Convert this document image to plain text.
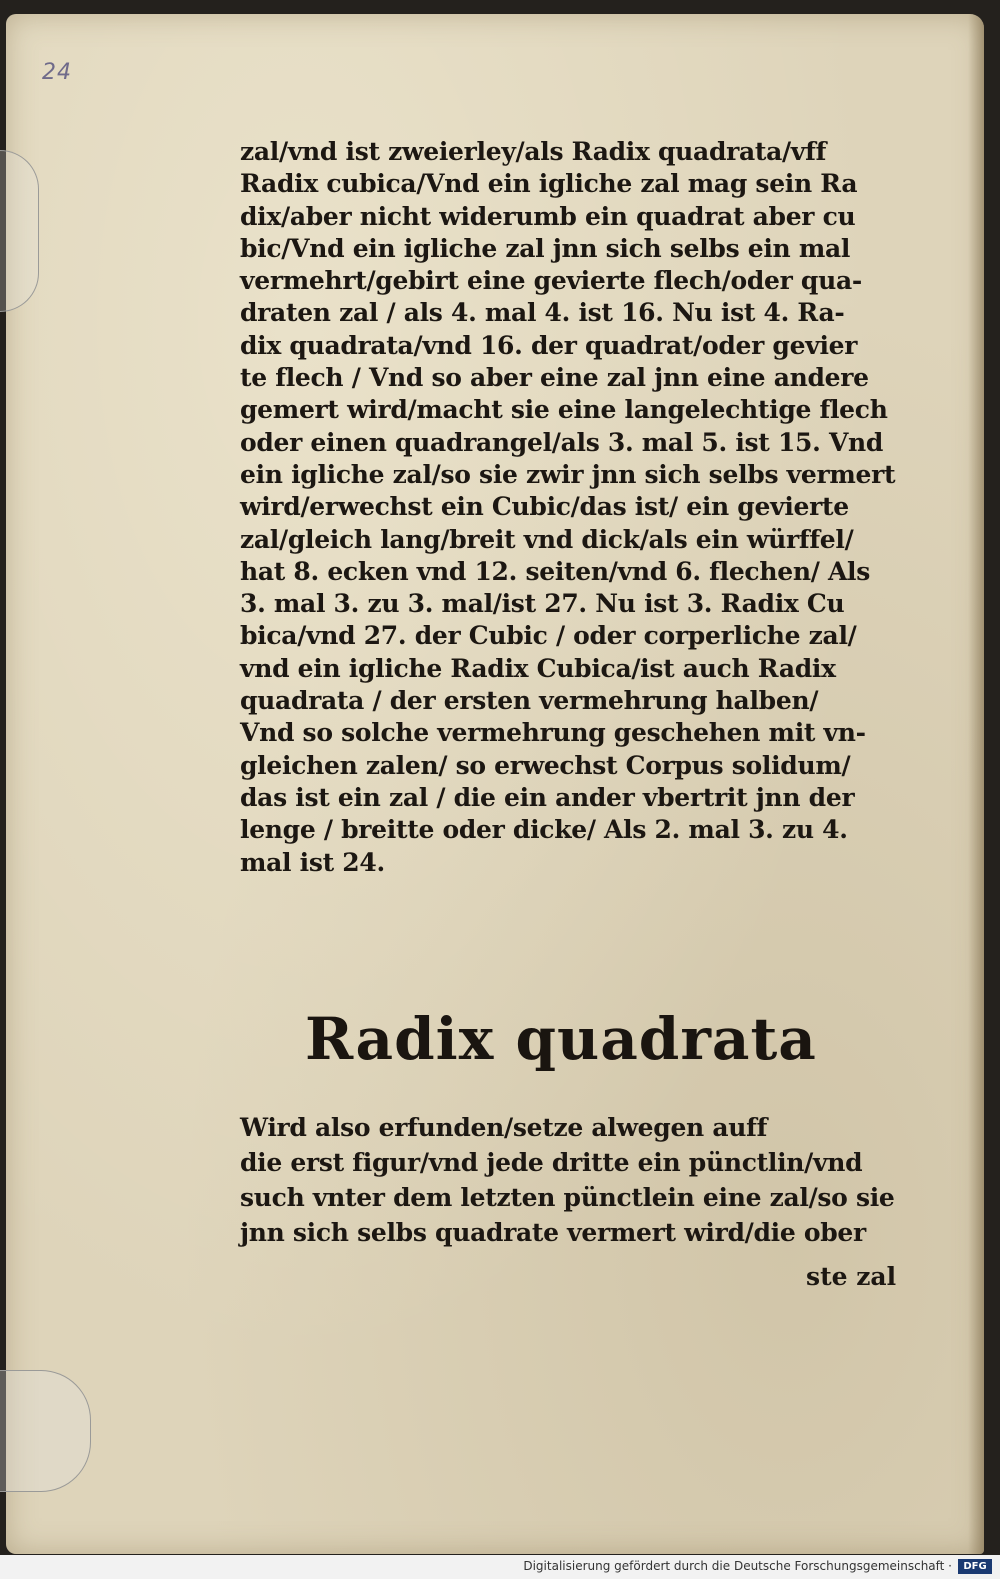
24
zal/vnd ist zweierley/als Radix quadrata/vff
Radix cubica/Vnd ein igliche zal mag sein Ra
dix/aber nicht widerumb ein quadrat aber cu
bic/Vnd ein igliche zal jnn sich selbs ein mal
vermehrt/gebirt eine gevierte flech/oder qua-
draten zal / als 4. mal 4. ist 16. Nu ist 4. Ra-
dix quadrata/vnd 16. der quadrat/oder gevier
te flech / Vnd so aber eine zal jnn eine andere
gemert wird/macht sie eine langelechtige flech
oder einen quadrangel/als 3. mal 5. ist 15. Vnd
ein igliche zal/so sie zwir jnn sich selbs vermert
wird/erwechst ein Cubic/das ist/ ein gevierte
zal/gleich lang/breit vnd dick/als ein würffel/
hat 8. ecken vnd 12. seiten/vnd 6. flechen/ Als
3. mal 3. zu 3. mal/ist 27. Nu ist 3. Radix Cu
bica/vnd 27. der Cubic / oder corperliche zal/
vnd ein igliche Radix Cubica/ist auch Radix
quadrata / der ersten vermehrung halben/
Vnd so solche vermehrung geschehen mit vn-
gleichen zalen/ so erwechst Corpus solidum/
das ist ein zal / die ein ander vbertrit jnn der
lenge / breitte oder dicke/ Als 2. mal 3. zu 4.
mal ist 24.
Radix quadrata
Wird also erfunden/setze alwegen auff
die erst figur/vnd jede dritte ein pünctlin/vnd
such vnter dem letzten pünctlein eine zal/so sie
jnn sich selbs quadrate vermert wird/die ober
ste zal
Digitalisierung gefördert durch die Deutsche Forschungsgemeinschaft ·	DFG
